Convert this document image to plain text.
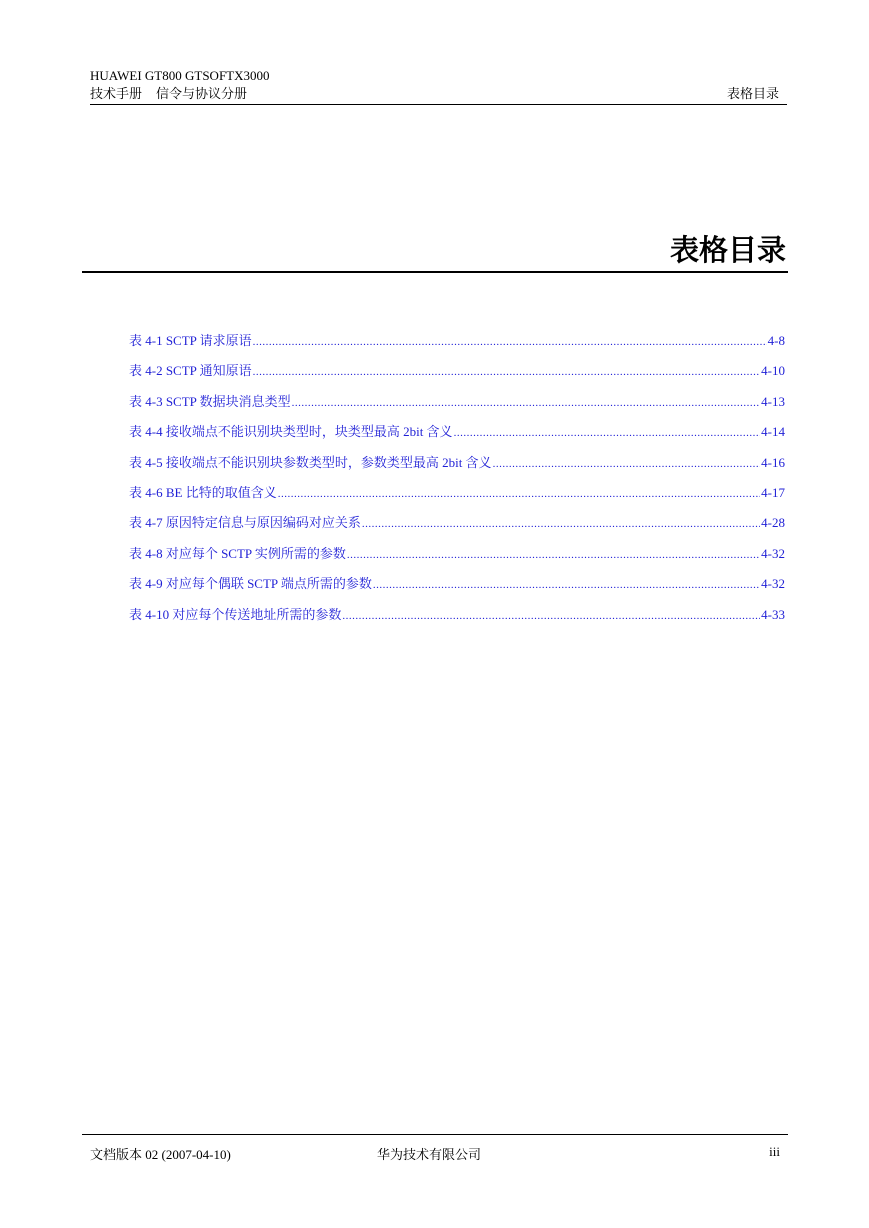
HUAWEI GT800 GTSOFTX3000
技术手册 信令与协议分册	表格目录
表格目录
表 4-1 SCTP 请求原语 .....	4-8
表 4-2 SCTP 通知原语 .....	4-10
表 4-3 SCTP 数据块消息类型 .....	4-13
表 4-4 接收端点不能识别块类型时，块类型最高 2bit 含义 .....	4-14
表 4-5 接收端点不能识别块参数类型时，参数类型最高 2bit 含义 .....	4-16
表 4-6 BE 比特的取值含义 .....	4-17
表 4-7 原因特定信息与原因编码对应关系 .....	4-28
表 4-8 对应每个 SCTP 实例所需的参数 .....	4-32
表 4-9 对应每个偶联 SCTP 端点所需的参数 .....	4-32
表 4-10 对应每个传送地址所需的参数 .....	4-33
文档版本 02 (2007-04-10)	华为技术有限公司	iii
